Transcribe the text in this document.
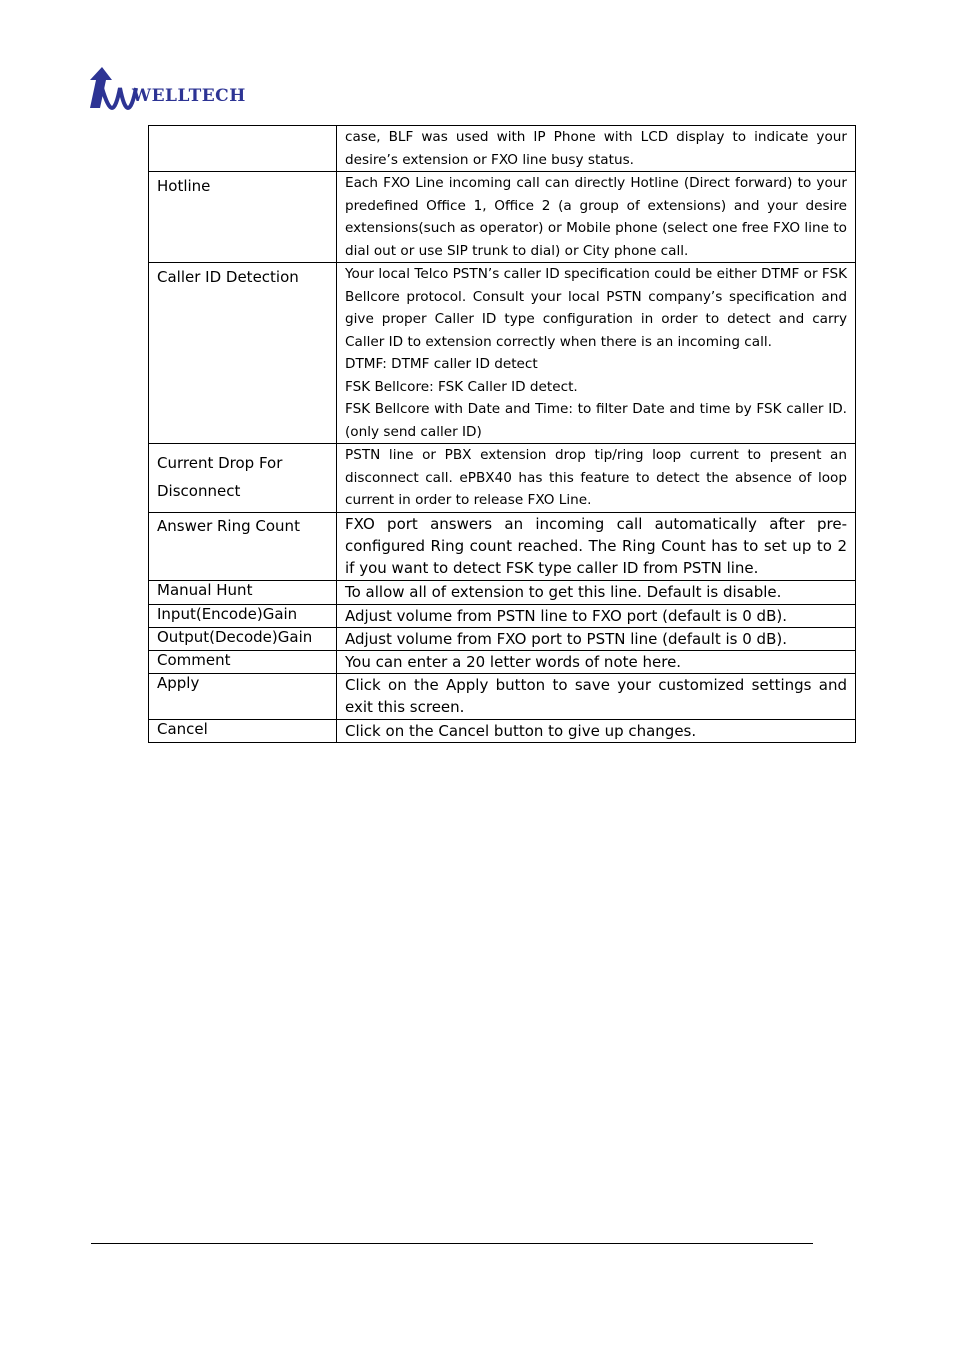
WELLTECH
	case, BLF was used with IP Phone with LCD display to indicate your desire’s extension or FXO line busy status.

Hotline	Each FXO Line incoming call can directly Hotline (Direct forward) to your predefined Office 1, Office 2 (a group of extensions) and your desire extensions(such as operator) or Mobile phone (select one free FXO line to dial out or use SIP trunk to dial) or City phone call.

Caller ID Detection	Your local Telco PSTN’s caller ID specification could be either DTMF or FSK Bellcore protocol. Consult your local PSTN company’s specification and give proper Caller ID type configuration in order to detect and carry Caller ID to extension correctly when there is an incoming call.
DTMF: DTMF caller ID detect
FSK Bellcore: FSK Caller ID detect.
FSK Bellcore with Date and Time: to filter Date and time by FSK caller ID. (only send caller ID)

Current Drop For Disconnect	PSTN line or PBX extension drop tip/ring loop current to present an disconnect call. ePBX40 has this feature to detect the absence of loop current in order to release FXO Line.

Answer Ring Count	FXO port answers an incoming call automatically after pre-configured Ring count reached. The Ring Count has to set up to 2 if you want to detect FSK type caller ID from PSTN line.

Manual Hunt	To allow all of extension to get this line. Default is disable.

Input(Encode)Gain	Adjust volume from PSTN line to FXO port (default is 0 dB).

Output(Decode)Gain	Adjust volume from FXO port to PSTN line (default is 0 dB).

Comment	You can enter a 20 letter words of note here.

Apply	Click on the Apply button to save your customized settings and exit this screen.

Cancel	Click on the Cancel button to give up changes.
